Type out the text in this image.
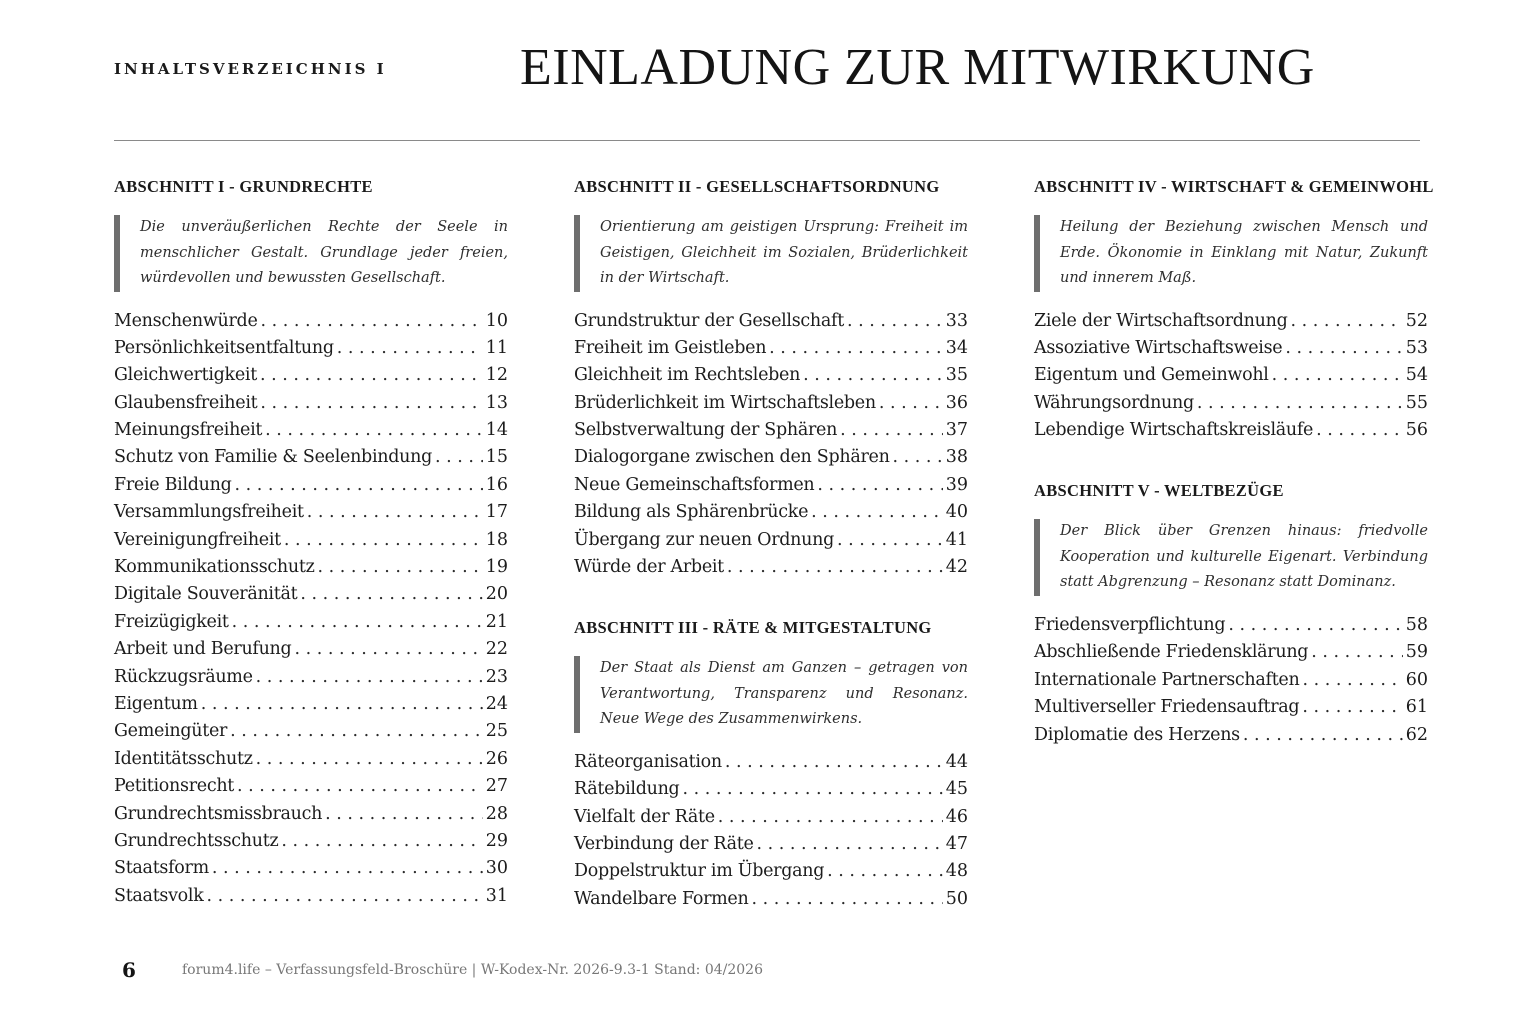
INHALTSVERZEICHNIS I	EINLADUNG ZUR MITWIRKUNG
ABSCHNITT I - GRUNDRECHTE
Die unveräußerlichen Rechte der Seele in menschlicher Gestalt. Grundlage jeder freien, würdevollen und bewussten Gesellschaft.
Menschenwürde . . .	10
Persönlichkeitsentfaltung . . .	11
Gleichwertigkeit . . .	12
Glaubensfreiheit . . .	13
Meinungsfreiheit . . .	14
Schutz von Familie & Seelenbindung . . .	15
Freie Bildung . . .	16
Versammlungsfreiheit . . .	17
Vereinigungfreiheit . . .	18
Kommunikationsschutz . . .	19
Digitale Souveränität . . .	20
Freizügigkeit . . .	21
Arbeit und Berufung . . .	22
Rückzugsräume . . .	23
Eigentum . . .	24
Gemeingüter . . .	25
Identitätsschutz . . .	26
Petitionsrecht . . .	27
Grundrechtsmissbrauch . . .	28
Grundrechtsschutz . . .	29
Staatsform . . .	30
Staatsvolk . . .	31
ABSCHNITT II - GESELLSCHAFTSORDNUNG
Orientierung am geistigen Ursprung: Freiheit im Geistigen, Gleichheit im Sozialen, Brüderlichkeit in der Wirtschaft.
Grundstruktur der Gesellschaft . . .	33
Freiheit im Geistleben . . .	34
Gleichheit im Rechtsleben . . .	35
Brüderlichkeit im Wirtschaftsleben . . .	36
Selbstverwaltung der Sphären . . .	37
Dialogorgane zwischen den Sphären . . .	38
Neue Gemeinschaftsformen . . .	39
Bildung als Sphärenbrücke . . .	40
Übergang zur neuen Ordnung . . .	41
Würde der Arbeit . . .	42
ABSCHNITT III - RÄTE & MITGESTALTUNG
Der Staat als Dienst am Ganzen – getragen von Verantwortung, Transparenz und Resonanz. Neue Wege des Zusammenwirkens.
Räteorganisation . . .	44
Rätebildung . . .	45
Vielfalt der Räte . . .	46
Verbindung der Räte . . .	47
Doppelstruktur im Übergang . . .	48
Wandelbare Formen . . .	50
ABSCHNITT IV - WIRTSCHAFT & GEMEINWOHL
Heilung der Beziehung zwischen Mensch und Erde. Ökonomie in Einklang mit Natur, Zukunft und innerem Maß.
Ziele der Wirtschaftsordnung . . .	52
Assoziative Wirtschaftsweise . . .	53
Eigentum und Gemeinwohl . . .	54
Währungsordnung . . .	55
Lebendige Wirtschaftskreisläufe . . .	56
ABSCHNITT V - WELTBEZÜGE
Der Blick über Grenzen hinaus: friedvolle Kooperation und kulturelle Eigenart. Verbindung statt Abgrenzung – Resonanz statt Dominanz.
Friedensverpflichtung . . .	58
Abschließende Friedensklärung . . .	59
Internationale Partnerschaften . . .	60
Multiverseller Friedensauftrag . . .	61
Diplomatie des Herzens . . .	62
6	forum4.life – Verfassungsfeld-Broschüre | W-Kodex-Nr. 2026-9.3-1 Stand: 04/2026
